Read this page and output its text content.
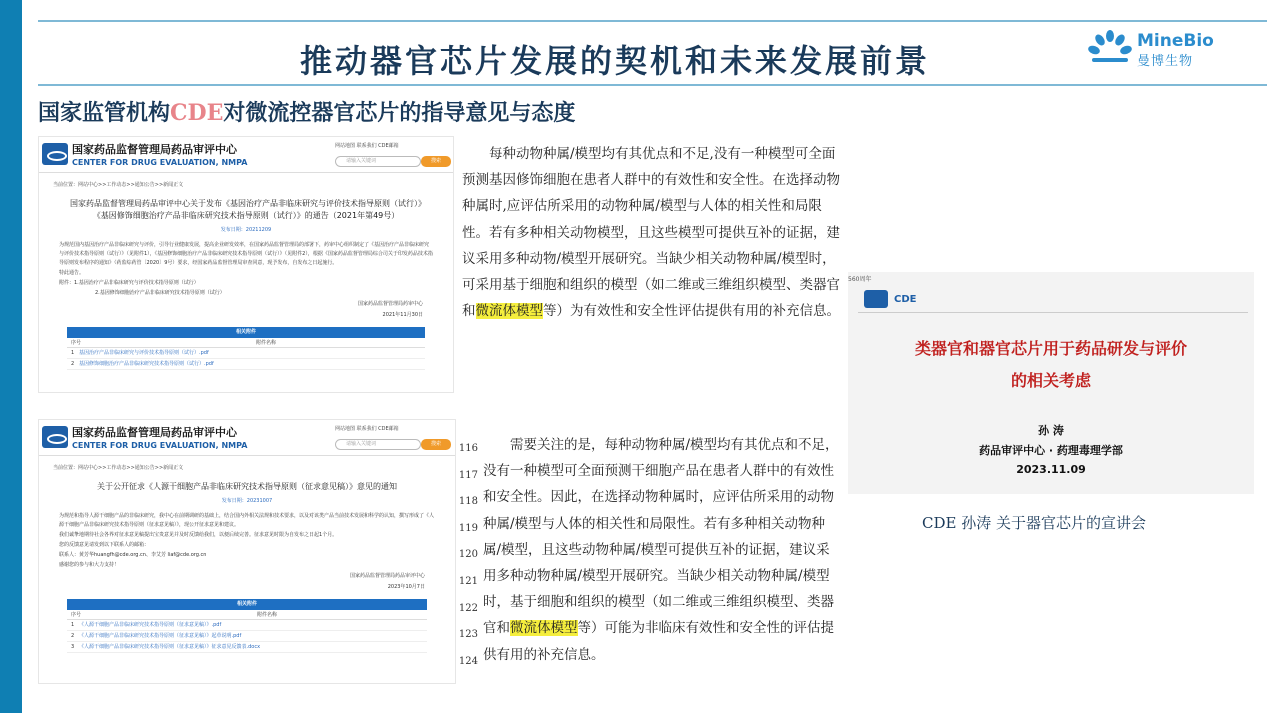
推动器官芯片发展的契机和未来发展前景
MineBio
曼博生物
国家监管机构CDE对微流控器官芯片的指导意见与态度
国家药品监督管理局药品审评中心
CENTER FOR DRUG EVALUATION, NMPA
网站地图 联系我们 CDE邮箱
请输入关键词	搜索
当前位置：网站中心>>工作动态>>通知公告>>新闻正文
国家药品监督管理局药品审评中心关于发布《基因治疗产品非临床研究与评价技术指导原则（试行）》《基因修饰细胞治疗产品非临床研究技术指导原则（试行）》的通告（2021年第49号）
发布日期：20211209

为规范国内基因治疗产品非临床研究与评价，引导行业健康发展，提高企业研发效率，在国家药品监督管理局的部署下，药审中心组织制定了《基因治疗产品非临床研究与评价技术指导原则（试行）》（见附件1），《基因修饰细胞治疗产品非临床研究技术指导原则（试行）》（见附件2），根据《国家药品监督管理局综合司关于印发药品技术指导原则发布程序的通知》（药监综药管〔2020〕9号）要求，经国家药品监督管理局审查同意，现予发布，自发布之日起施行。

特此通告。

附件：1.基因治疗产品非临床研究与评价技术指导原则（试行）

2.基因修饰细胞治疗产品非临床研究技术指导原则（试行）

国家药品监督管理局药审中心
2021年11月30日
相关附件
序号	附件名称
1 基因治疗产品非临床研究与评价技术指导原则（试行）.pdf
2 基因修饰细胞治疗产品非临床研究技术指导原则（试行）.pdf
国家药品监督管理局药品审评中心
CENTER FOR DRUG EVALUATION, NMPA
网站地图 联系我们 CDE邮箱
请输入关键词	搜索
当前位置：网站中心>>工作动态>>通知公告>>新闻正文
关于公开征求《人源干细胞产品非临床研究技术指导原则（征求意见稿）》意见的通知
发布日期：20231007

为规范和指导人源干细胞产品的非临床研究，我中心在前期调研的基础上，结合国内外相关法规和技术要求，以及对该类产品当前技术发展和科学的认知，撰写形成了《人源干细胞产品非临床研究技术指导原则（征求意见稿）》，现公开征求意见和建议。

我们诚挚地期待社会各界对征求意见稿提出宝贵意见并及时反馈给我们，以便后续完善。征求意见时限为自发布之日起1个月。

您的反馈意见请发到以下联系人的邮箱：

联系人：黄芳华huangfh@cde.org.cn、李艾芳 liaf@cde.org.cn

感谢您的参与和大力支持！

国家药品监督管理局药品审评中心
2023年10月7日
相关附件
序号	附件名称
1 《人源干细胞产品非临床研究技术指导原则（征求意见稿）》.pdf
2 《人源干细胞产品非临床研究技术指导原则（征求意见稿）》起草说明.pdf
3 《人源干细胞产品非临床研究技术指导原则（征求意见稿）》征求意见反馈表.docx
每种动物种属/模型均有其优点和不足,没有一种模型可全面预测基因修饰细胞在患者人群中的有效性和安全性。在选择动物种属时,应评估所采用的动物种属/模型与人体的相关性和局限性。若有多种相关动物模型，且这些模型可提供互补的证据，建议采用多种动物/模型开展研究。当缺少相关动物种属/模型时，可采用基于细胞和组织的模型（如二维或三维组织模型、类器官和微流体模型等）为有效性和安全性评估提供有用的补充信息。
116
117
118
119
120
121
122
123
124
需要关注的是，每种动物种属/模型均有其优点和不足，没有一种模型可全面预测干细胞产品在患者人群中的有效性和安全性。因此，在选择动物种属时，应评估所采用的动物种属/模型与人体的相关性和局限性。若有多种相关动物种属/模型，且这些动物种属/模型可提供互补的证据，建议采用多种动物种属/模型开展研究。当缺少相关动物种属/模型时，基于细胞和组织的模型（如二维或三维组织模型、类器官和微流体模型等）可能为非临床有效性和安全性的评估提供有用的补充信息。
560周年
CDE
类器官和器官芯片用于药品研发与评价
的相关考虑
孙 涛
药品审评中心 · 药理毒理学部
2023.11.09
CDE 孙涛 关于器官芯片的宣讲会
